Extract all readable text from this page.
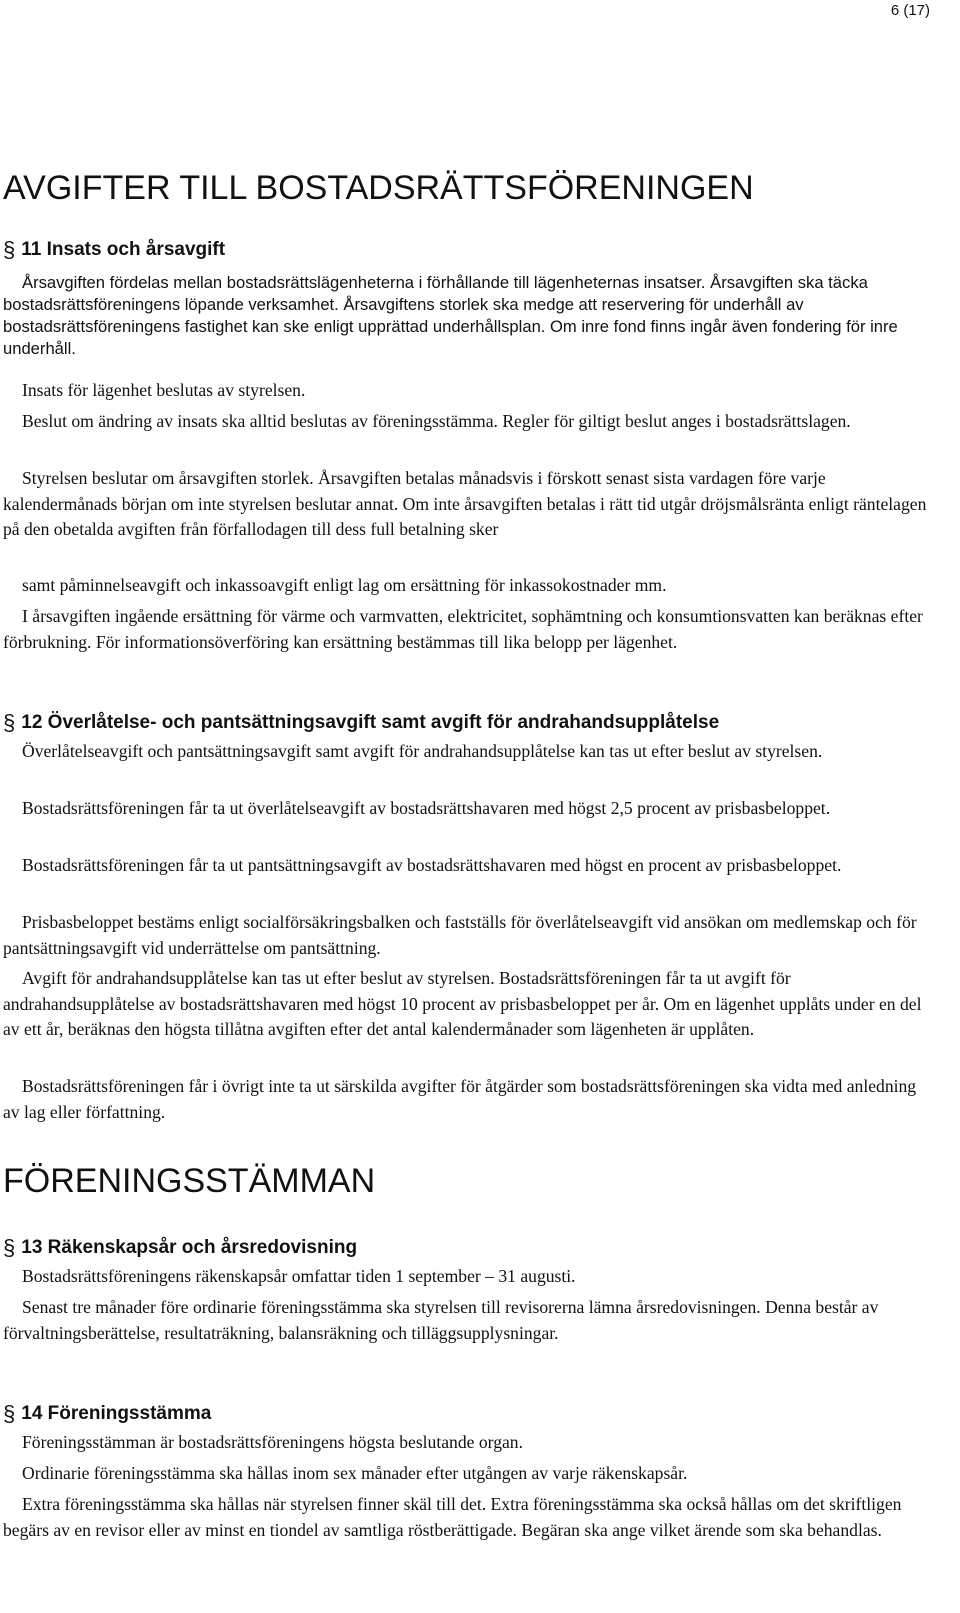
6 (17)
AVGIFTER TILL BOSTADSRÄTTSFÖRENINGEN
§ 11 Insats och årsavgift

Årsavgiften fördelas mellan bostadsrättslägenheterna i förhållande till lägenheternas insatser. Årsavgiften ska täcka bostadsrättsföreningens löpande verksamhet. Årsavgiftens storlek ska medge att reservering för underhåll av bostadsrättsföreningens fastighet kan ske enligt upprättad underhållsplan. Om inre fond finns ingår även fondering för inre underhåll.

Insats för lägenhet beslutas av styrelsen.

Beslut om ändring av insats ska alltid beslutas av föreningsstämma. Regler för giltigt beslut anges i bostadsrättslagen.

Styrelsen beslutar om årsavgiften storlek. Årsavgiften betalas månadsvis i förskott senast sista vardagen före varje kalendermånads början om inte styrelsen beslutar annat. Om inte årsavgiften betalas i rätt tid utgår dröjsmålsränta enligt räntelagen på den obetalda avgiften från förfallodagen till dess full betalning sker

samt påminnelseavgift och inkassoavgift enligt lag om ersättning för inkassokostnader mm.

I årsavgiften ingående ersättning för värme och varmvatten, elektricitet, sophämtning och konsumtionsvatten kan beräknas efter förbrukning. För informationsöverföring kan ersättning bestämmas till lika belopp per lägenhet.

§ 12 Överlåtelse- och pantsättningsavgift samt avgift för andrahandsupplåtelse

Överlåtelseavgift och pantsättningsavgift samt avgift för andrahandsupplåtelse kan tas ut efter beslut av styrelsen.

Bostadsrättsföreningen får ta ut överlåtelseavgift av bostadsrättshavaren med högst 2,5 procent av prisbasbeloppet.

Bostadsrättsföreningen får ta ut pantsättningsavgift av bostadsrättshavaren med högst en procent av prisbasbeloppet.

Prisbasbeloppet bestäms enligt socialförsäkringsbalken och fastställs för överlåtelseavgift vid ansökan om medlemskap och för pantsättningsavgift vid underrättelse om pantsättning.

Avgift för andrahandsupplåtelse kan tas ut efter beslut av styrelsen. Bostadsrättsföreningen får ta ut avgift för andrahandsupplåtelse av bostadsrättshavaren med högst 10 procent av prisbasbeloppet per år. Om en lägenhet upplåts under en del av ett år, beräknas den högsta tillåtna avgiften efter det antal kalendermånader som lägenheten är upplåten.

Bostadsrättsföreningen får i övrigt inte ta ut särskilda avgifter för åtgärder som bostadsrättsföreningen ska vidta med anledning av lag eller författning.

FÖRENINGSSTÄMMAN
§ 13 Räkenskapsår och årsredovisning

Bostadsrättsföreningens räkenskapsår omfattar tiden 1 september – 31 augusti.

Senast tre månader före ordinarie föreningsstämma ska styrelsen till revisorerna lämna årsredovisningen. Denna består av förvaltningsberättelse, resultaträkning, balansräkning och tilläggsupplysningar.

§ 14 Föreningsstämma

Föreningsstämman är bostadsrättsföreningens högsta beslutande organ.

Ordinarie föreningsstämma ska hållas inom sex månader efter utgången av varje räkenskapsår.

Extra föreningsstämma ska hållas när styrelsen finner skäl till det. Extra föreningsstämma ska också hållas om det skriftligen begärs av en revisor eller av minst en tiondel av samtliga röstberättigade. Begäran ska ange vilket ärende som ska behandlas.
